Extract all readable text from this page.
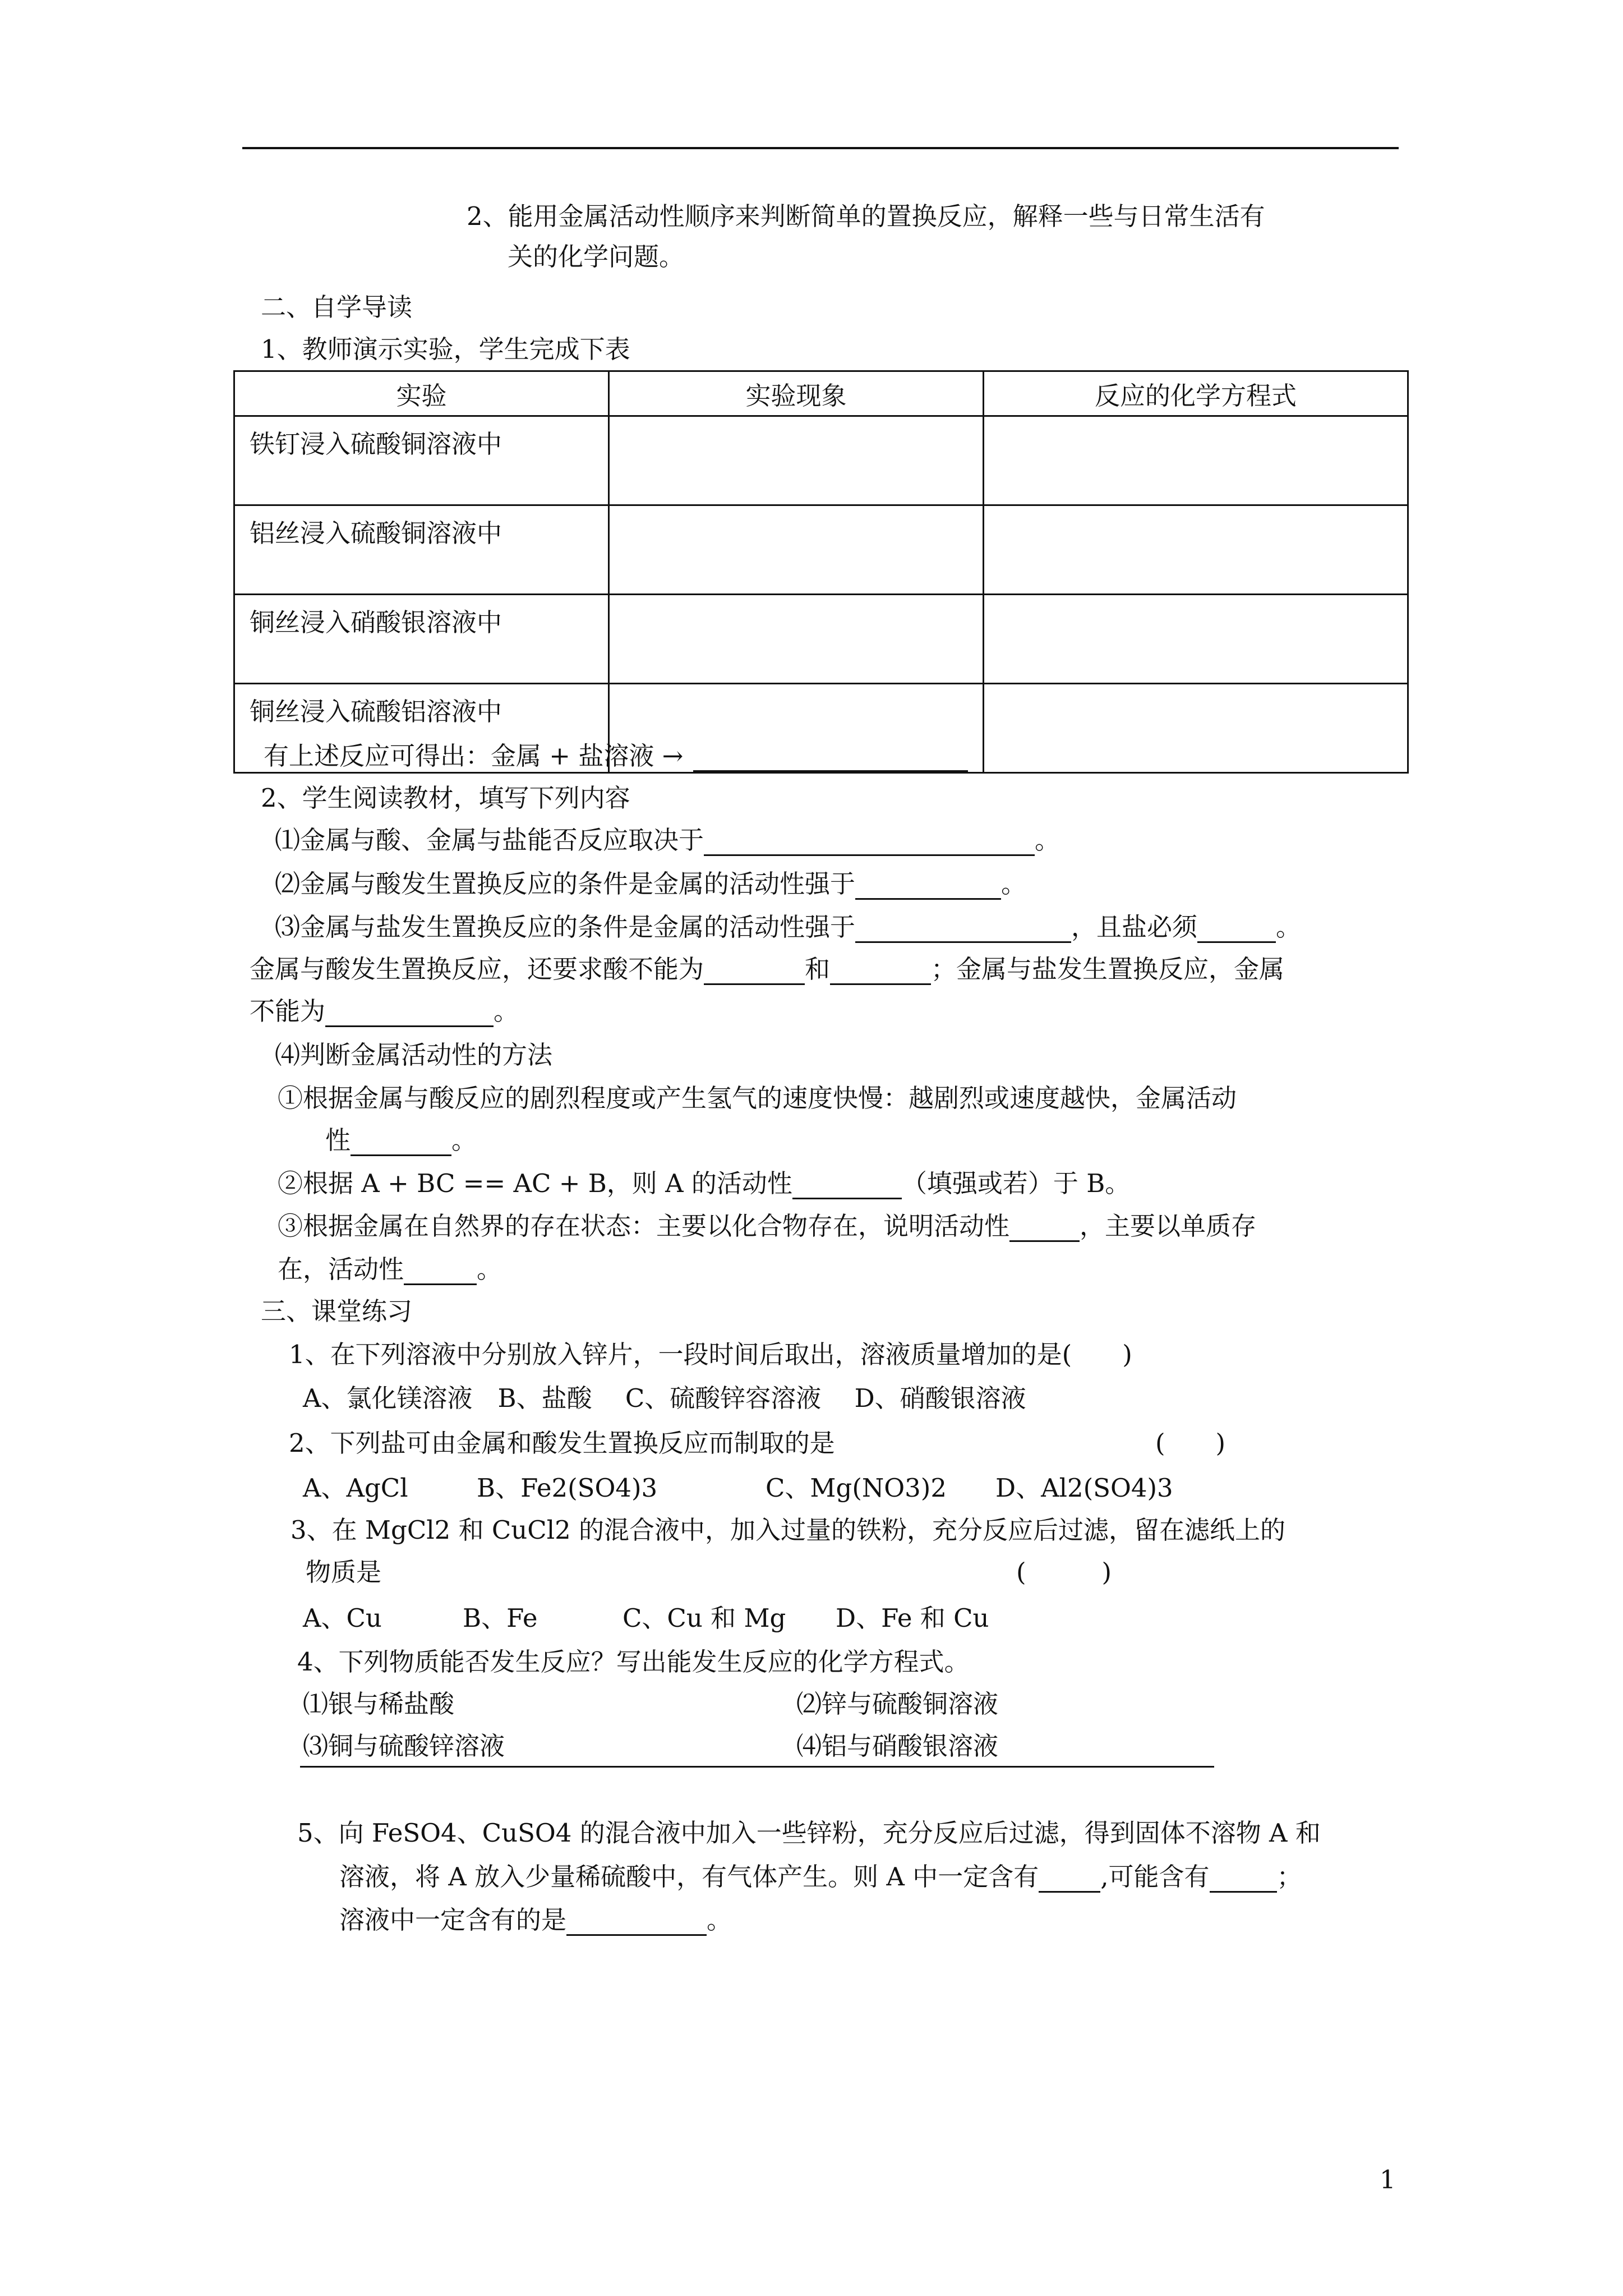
2、能用金属活动性顺序来判断简单的置换反应，解释一些与日常生活有
关的化学问题。
二、自学导读
1、教师演示实验，学生完成下表
实验	实验现象	反应的化学方程式
铁钉浸入硫酸铜溶液中		
铝丝浸入硫酸铜溶液中		
铜丝浸入硝酸银溶液中		
铜丝浸入硫酸铝溶液中		
有上述反应可得出：金属 + 盐溶液 →
2、学生阅读教材，填写下列内容
⑴金属与酸、金属与盐能否反应取决于	。
⑵金属与酸发生置换反应的条件是金属的活动性强于	。
⑶金属与盐发生置换反应的条件是金属的活动性强于	，且盐必须	。
金属与酸发生置换反应，还要求酸不能为	和	；金属与盐发生置换反应，金属
不能为	。
⑷判断金属活动性的方法
①根据金属与酸反应的剧烈程度或产生氢气的速度快慢：越剧烈或速度越快，金属活动
性	。
②根据 A + BC == AC + B，则 A 的活动性	（填强或若）于 B。
③根据金属在自然界的存在状态：主要以化合物存在，说明活动性	，主要以单质存
在，活动性	。
三、课堂练习
1、在下列溶液中分别放入锌片，一段时间后取出，溶液质量增加的是(　　)
A、氯化镁溶液　B、盐酸　 C、硫酸锌容溶液　 D、硝酸银溶液
2、下列盐可由金属和酸发生置换反应而制取的是	(　　)
A、AgCl	B、Fe2(SO4)3	C、Mg(NO3)2 D、Al2(SO4)3
3、在 MgCl2 和 CuCl2 的混合液中，加入过量的铁粉，充分反应后过滤，留在滤纸上的
物质是	(　　　)
A、Cu	B、Fe	C、Cu 和 Mg D、Fe 和 Cu
4、下列物质能否发生反应？写出能发生反应的化学方程式。
⑴银与稀盐酸	⑵锌与硫酸铜溶液
⑶铜与硫酸锌溶液	⑷铝与硝酸银溶液
5、向 FeSO4、CuSO4 的混合液中加入一些锌粉，充分反应后过滤，得到固体不溶物 A 和
溶液，将 A 放入少量稀硫酸中，有气体产生。则 A 中一定含有 ,可能含有	；
溶液中一定含有的是	。
1
